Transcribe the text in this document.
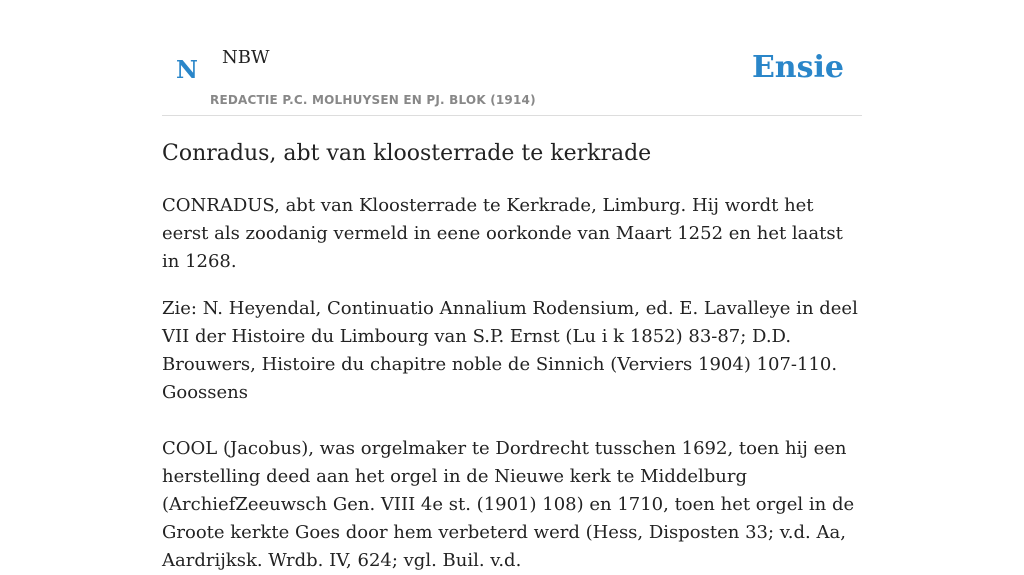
N NBW
REDACTIE P.C. MOLHUYSEN EN PJ. BLOK (1914)
Ensie
Conradus, abt van kloosterrade te kerkrade

CONRADUS, abt van Kloosterrade te Kerkrade, Limburg. Hij wordt het eerst als zoodanig vermeld in eene oorkonde van Maart 1252 en het laatst in 1268.

Zie: N. Heyendal, Continuatio Annalium Rodensium, ed. E. Lavalleye in deel VII der Histoire du Limbourg van S.P. Ernst (Lu i k 1852) 83-87; D.D. Brouwers, Histoire du chapitre noble de Sinnich (Verviers 1904) 107-110. Goossens

COOL (Jacobus), was orgelmaker te Dordrecht tusschen 1692, toen hij een herstelling deed aan het orgel in de Nieuwe kerk te Middelburg (ArchiefZeeuwsch Gen. VIII 4e st. (1901) 108) en 1710, toen het orgel in de Groote kerkte Goes door hem verbeterd werd (Hess, Disposten 33; v.d. Aa, Aardrijksk. Wrdb. IV, 624; vgl. Buil. v.d.
